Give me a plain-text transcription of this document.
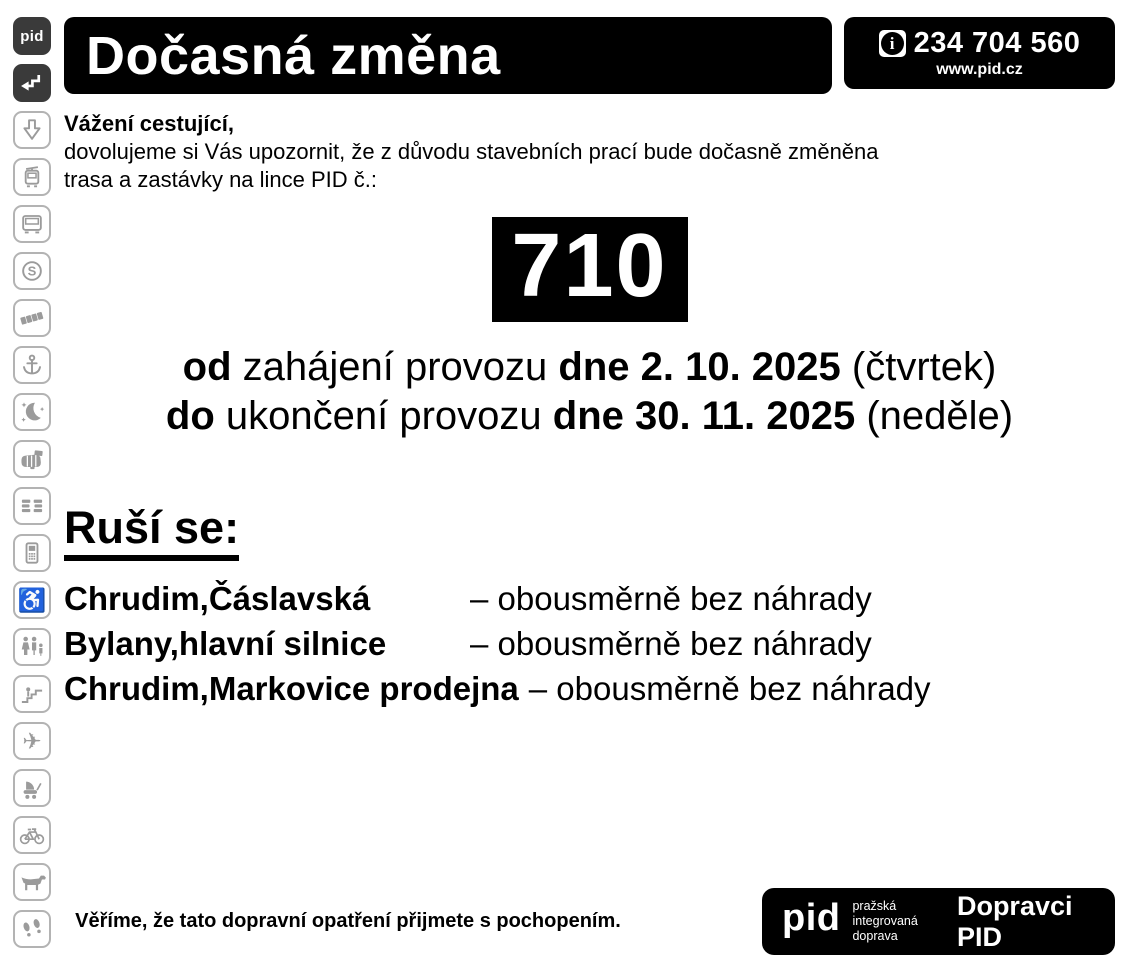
pid
S
♿
✈
Dočasná změna	i 234 704 560
www.pid.cz
Vážení cestující,
dovolujeme si Vás upozornit, že z důvodu stavebních prací bude dočasně změněna
trasa a zastávky na lince PID č.:
710
od zahájení provozu dne 2. 10. 2025 (čtvrtek)
do ukončení provozu dne 30. 11. 2025 (neděle)
Ruší se:
Chrudim,Čáslavská	– obousměrně bez náhrady
Bylany,hlavní silnice	– obousměrně bez náhrady
Chrudim,Markovice prodejna – obousměrně bez náhrady
Věříme, že tato dopravní opatření přijmete s pochopením.	pid pražská integrovaná
doprava
Dopravci PID
